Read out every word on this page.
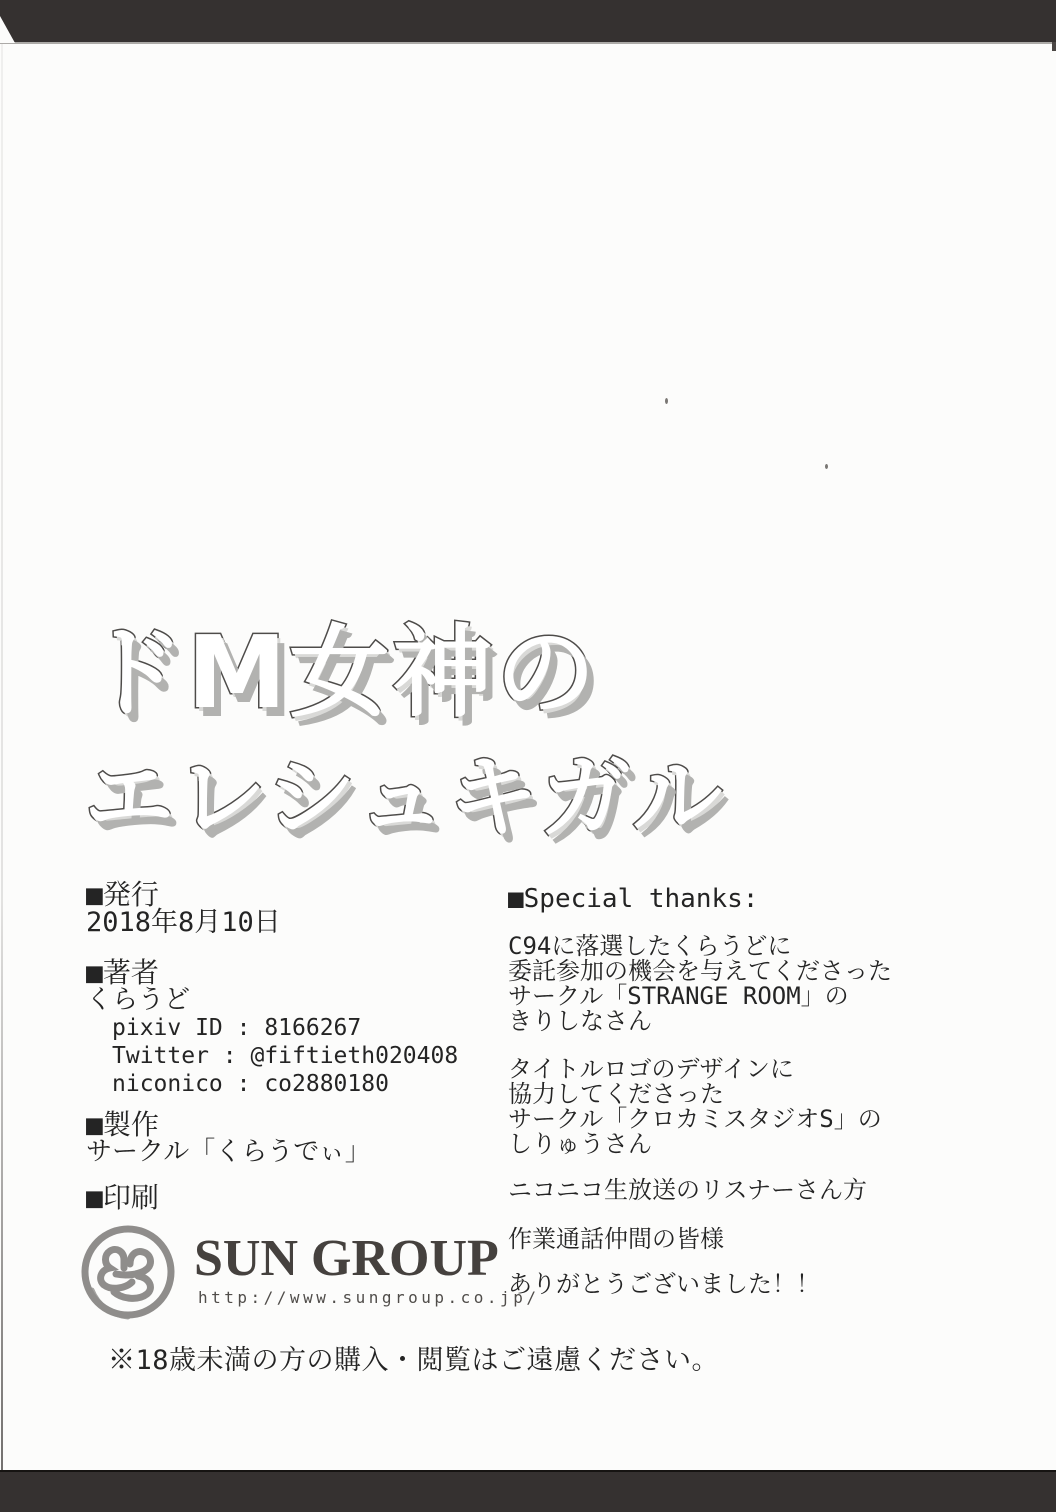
ドM女神の
エレシュキガル
■発行
2018年8月10日
■著者
くらうど
pixiv ID : 8166267
Twitter : @fiftieth020408
niconico : co2880180
■製作
サークル「くらうでぃ」
■印刷
SUN GROUP
http://www.sungroup.co.jp/
■Special thanks:
C94に落選したくらうどに
委託参加の機会を与えてくださった
サークル「STRANGE ROOM」の
きりしなさん
タイトルロゴのデザインに
協力してくださった
サークル「クロカミスタジオS」の
しりゅうさん
ニコニコ生放送のリスナーさん方
作業通話仲間の皆様
ありがとうございました！！
※18歳未満の方の購入・閲覧はご遠慮ください。
